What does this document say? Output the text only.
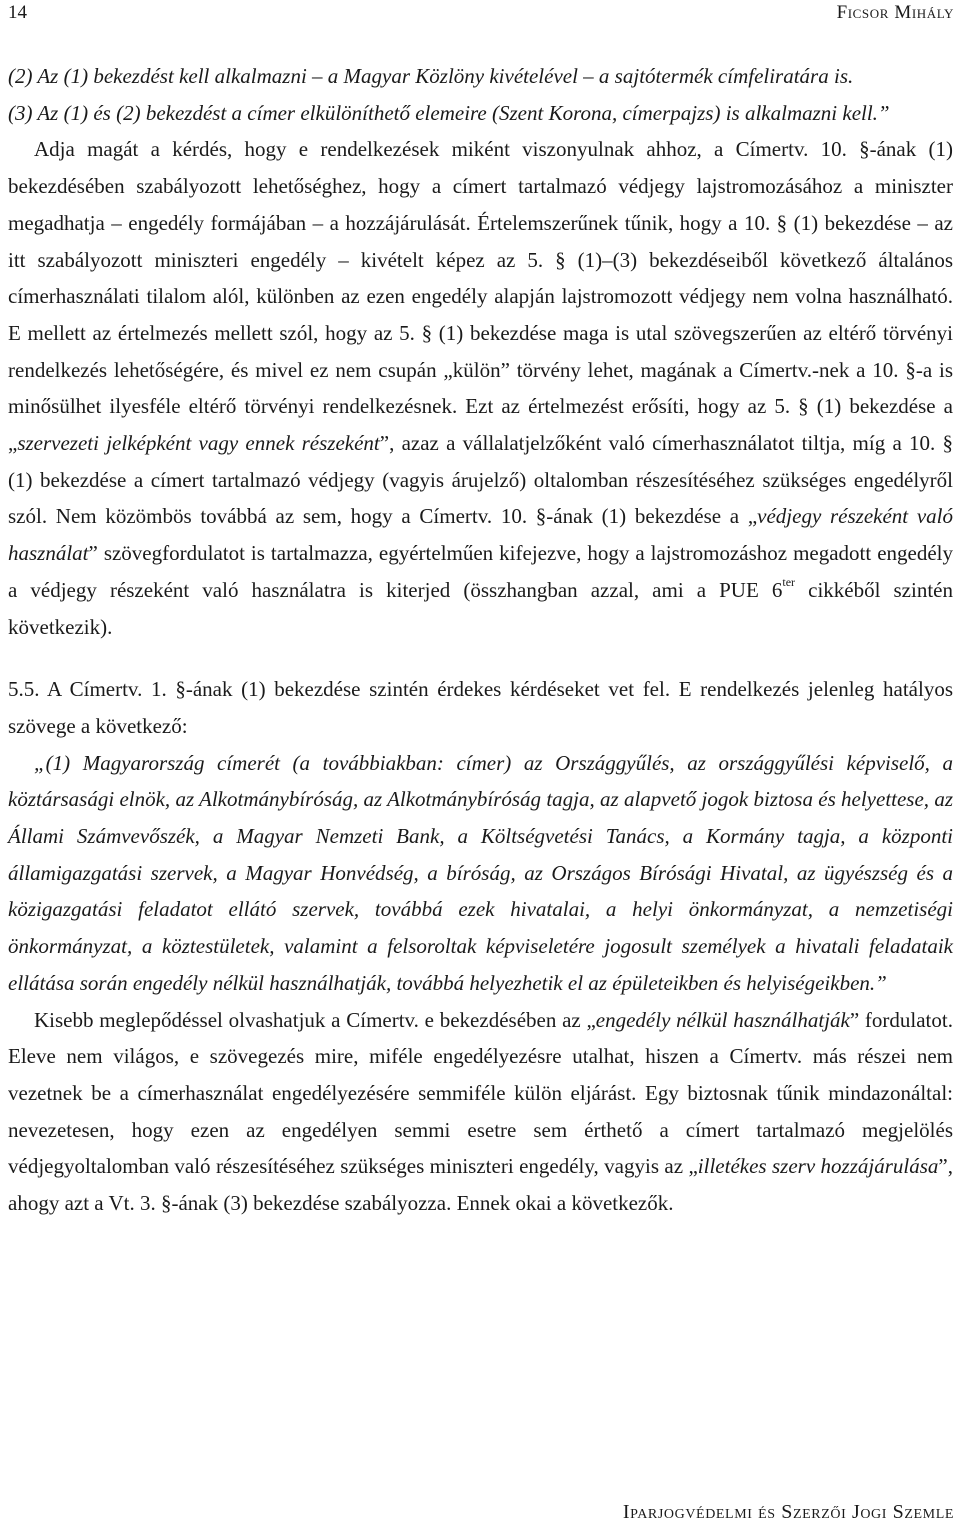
14	Ficsor Mihály

(2) Az (1) bekezdést kell alkalmazni – a Magyar Közlöny kivételével – a sajtótermék címfeliratára is.

(3) Az (1) és (2) bekezdést a címer elkülöníthető elemeire (Szent Korona, címerpajzs) is alkalmazni kell.”

Adja magát a kérdés, hogy e rendelkezések miként viszonyulnak ahhoz, a Címertv. 10. §-ának (1) bekezdésében szabályozott lehetőséghez, hogy a címert tartalmazó védjegy lajstromozásához a miniszter megadhatja – engedély formájában – a hozzájárulását. Értelemszerűnek tűnik, hogy a 10. § (1) bekezdése – az itt szabályozott miniszteri engedély – kivételt képez az 5. § (1)–(3) bekezdéseiből következő általános címerhasználati tilalom alól, különben az ezen engedély alapján lajstromozott védjegy nem volna használható. E mellett az értelmezés mellett szól, hogy az 5. § (1) bekezdése maga is utal szövegszerűen az eltérő törvényi rendelkezés lehetőségére, és mivel ez nem csupán „külön” törvény lehet, magának a Címertv.-nek a 10. §-a is minősülhet ilyesféle eltérő törvényi rendelkezésnek. Ezt az értelmezést erősíti, hogy az 5. § (1) bekezdése a „szervezeti jelképként vagy ennek részeként”, azaz a vállalatjelzőként való címerhasználatot tiltja, míg a 10. § (1) bekezdése a címert tartalmazó védjegy (vagyis árujelző) oltalomban részesítéséhez szükséges engedélyről szól. Nem közömbös továbbá az sem, hogy a Címertv. 10. §-ának (1) bekezdése a „védjegy részeként való használat” szövegfordulatot is tartalmazza, egyértelműen kifejezve, hogy a lajstromozáshoz megadott engedély a védjegy részeként való használatra is kiterjed (összhangban azzal, ami a PUE $6^{ter}$ cikkéből szintén következik).

5.5. A Címertv. 1. §-ának (1) bekezdése szintén érdekes kérdéseket vet fel. E rendelkezés jelenleg hatályos szövege a következő:

„(1) Magyarország címerét (a továbbiakban: címer) az Országgyűlés, az országgyűlési képviselő, a köztársasági elnök, az Alkotmánybíróság, az Alkotmánybíróság tagja, az alapvető jogok biztosa és helyettese, az Állami Számvevőszék, a Magyar Nemzeti Bank, a Költségvetési Tanács, a Kormány tagja, a központi államigazgatási szervek, a Magyar Honvédség, a bíróság, az Országos Bírósági Hivatal, az ügyészség és a közigazgatási feladatot ellátó szervek, továbbá ezek hivatalai, a helyi önkormányzat, a nemzetiségi önkormányzat, a köztestületek, valamint a felsoroltak képviseletére jogosult személyek a hivatali feladataik ellátása során engedély nélkül használhatják, továbbá helyezhetik el az épületeikben és helyiségeikben.”

Kisebb meglepődéssel olvashatjuk a Címertv. e bekezdésében az „engedély nélkül használhatják” fordulatot. Eleve nem világos, e szövegezés mire, miféle engedélyezésre utalhat, hiszen a Címertv. más részei nem vezetnek be a címerhasználat engedélyezésére semmiféle külön eljárást. Egy biztosnak tűnik mindazonáltal: nevezetesen, hogy ezen az engedélyen semmi esetre sem érthető a címert tartalmazó megjelölés védjegyoltalomban való részesítéséhez szükséges miniszteri engedély, vagyis az „illetékes szerv hozzájárulása”, ahogy azt a Vt. 3. §-ának (3) bekezdése szabályozza. Ennek okai a következők.

Iparjogvédelmi és Szerzői Jogi Szemle
